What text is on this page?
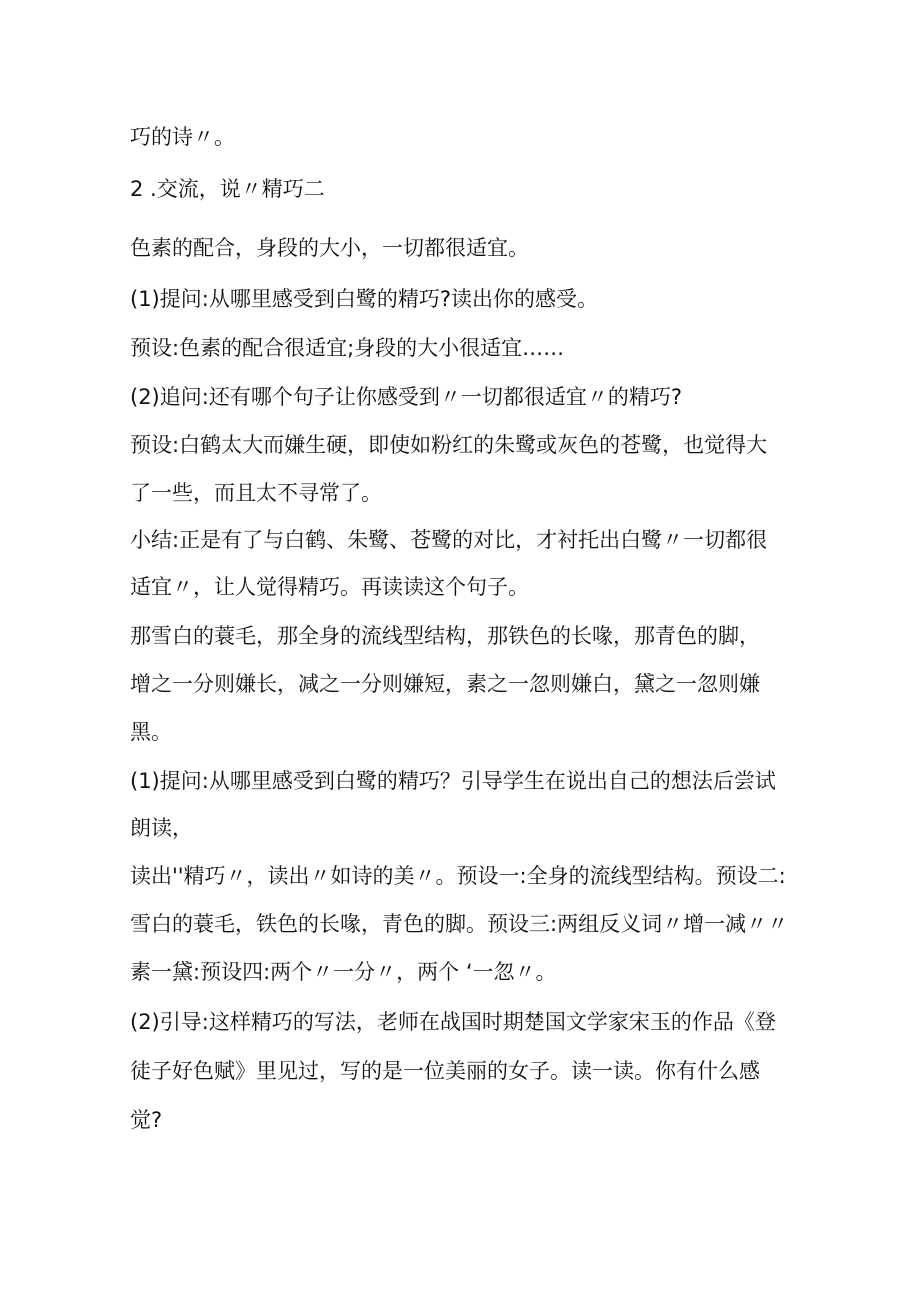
巧的诗〃。
2 .交流，说〃精巧二
色素的配合，身段的大小，一切都很适宜。
(1)提问:从哪里感受到白鹭的精巧?读出你的感受。
预设:色素的配合很适宜;身段的大小很适宜……
(2)追问:还有哪个句子让你感受到〃一切都很适宜〃的精巧?
预设:白鹤太大而嫌生硬，即使如粉红的朱鹭或灰色的苍鹭，也觉得大
了一些，而且太不寻常了。
小结:正是有了与白鹤、朱鹭、苍鹭的对比，才衬托出白鹭〃一切都很
适宜〃，让人觉得精巧。再读读这个句子。
那雪白的蓑毛，那全身的流线型结构，那铁色的长喙，那青色的脚，
增之一分则嫌长，减之一分则嫌短，素之一忽则嫌白，黛之一忽则嫌
黑。
(1)提问:从哪里感受到白鹭的精巧？引导学生在说出自己的想法后尝试
朗读，
读出''精巧〃，读出〃如诗的美〃。预设一:全身的流线型结构。预设二:
雪白的蓑毛，铁色的长喙，青色的脚。预设三:两组反义词〃增一减〃〃
素一黛:预设四:两个〃一分〃，两个 ‘一忽〃。
(2)引导:这样精巧的写法，老师在战国时期楚国文学家宋玉的作品《登
徒子好色赋》里见过，写的是一位美丽的女子。读一读。你有什么感
觉?
